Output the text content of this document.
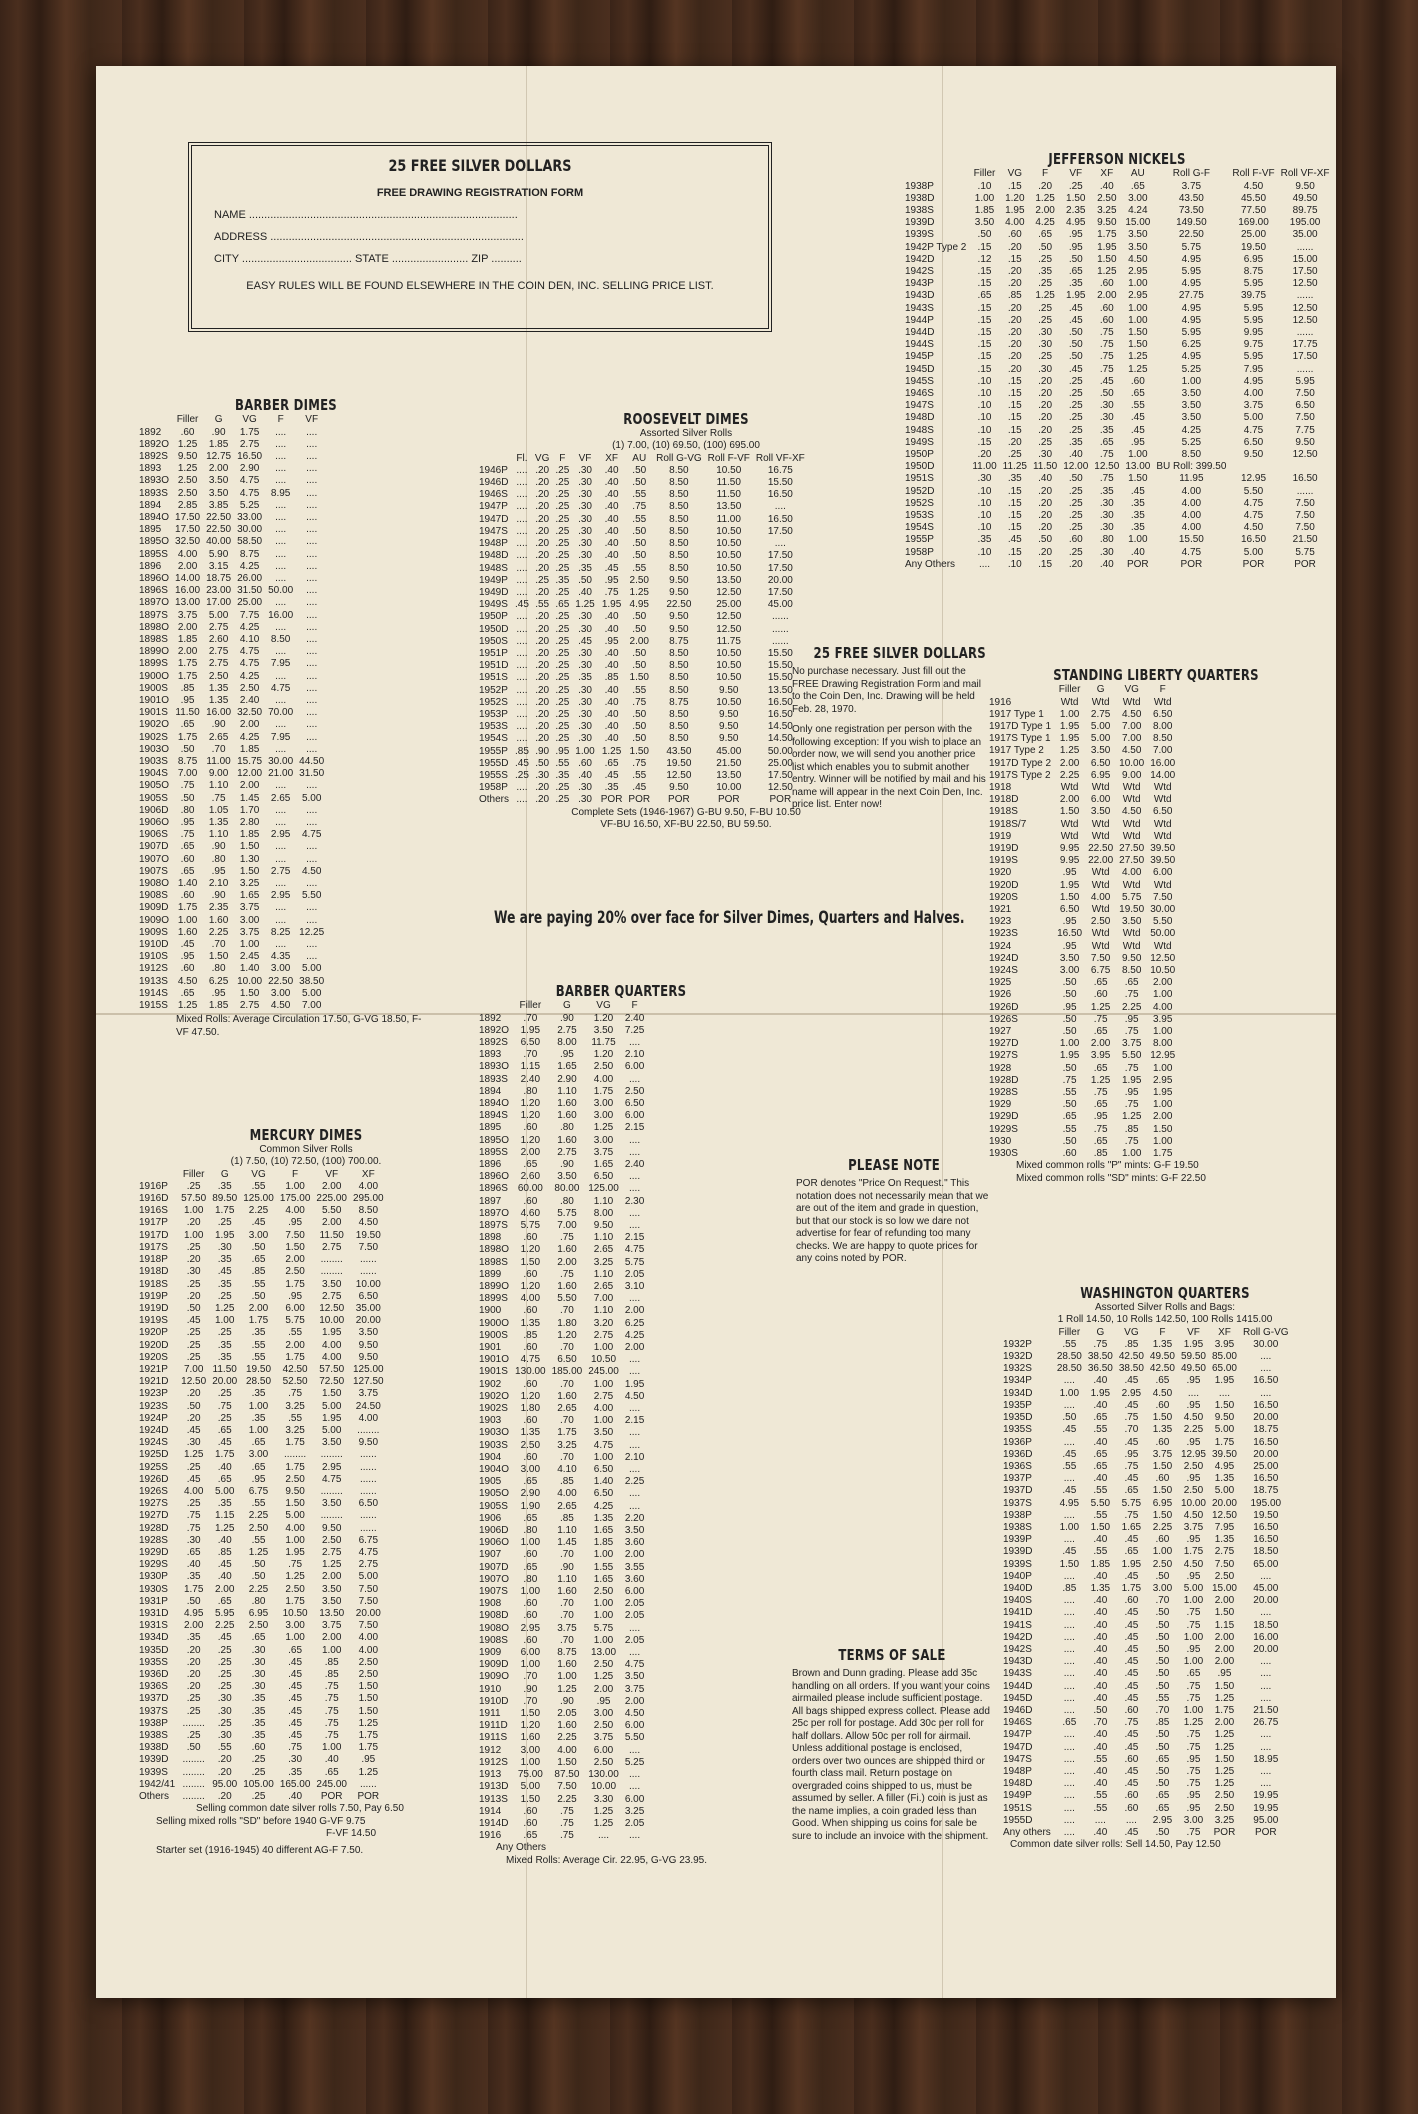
25 FREE SILVER DOLLARS
FREE DRAWING REGISTRATION FORM
NAME ........................................................................................
ADDRESS ...................................................................................
CITY .................................... STATE ......................... ZIP ..........
EASY RULES WILL BE FOUND ELSEWHERE IN THE COIN DEN, INC. SELLING PRICE LIST.
BARBER DIMES
	Filler	G	VG	F	VF
1892	.60	.90	1.75	....	....
1892O	1.25	1.85	2.75	....	....
1892S	9.50	12.75	16.50	....	....
1893	1.25	2.00	2.90	....	....
1893O	2.50	3.50	4.75	....	....
1893S	2.50	3.50	4.75	8.95	....
1894	2.85	3.85	5.25	....	....
1894O	17.50	22.50	33.00	....	....
1895	17.50	22.50	30.00	....	....
1895O	32.50	40.00	58.50	....	....
1895S	4.00	5.90	8.75	....	....
1896	2.00	3.15	4.25	....	....
1896O	14.00	18.75	26.00	....	....
1896S	16.00	23.00	31.50	50.00	....
1897O	13.00	17.00	25.00	....	....
1897S	3.75	5.00	7.75	16.00	....
1898O	2.00	2.75	4.25	....	....
1898S	1.85	2.60	4.10	8.50	....
1899O	2.00	2.75	4.75	....	....
1899S	1.75	2.75	4.75	7.95	....
1900O	1.75	2.50	4.25	....	....
1900S	.85	1.35	2.50	4.75	....
1901O	.95	1.35	2.40	....	....
1901S	11.50	16.00	32.50	70.00	....
1902O	.65	.90	2.00	....	....
1902S	1.75	2.65	4.25	7.95	....
1903O	.50	.70	1.85	....	....
1903S	8.75	11.00	15.75	30.00	44.50
1904S	7.00	9.00	12.00	21.00	31.50
1905O	.75	1.10	2.00	....	....
1905S	.50	.75	1.45	2.65	5.00
1906D	.80	1.05	1.70	....	....
1906O	.95	1.35	2.80	....	....
1906S	.75	1.10	1.85	2.95	4.75
1907D	.65	.90	1.50	....	....
1907O	.60	.80	1.30	....	....
1907S	.65	.95	1.50	2.75	4.50
1908O	1.40	2.10	3.25	....	....
1908S	.60	.90	1.65	2.95	5.50
1909D	1.75	2.35	3.75	....	....
1909O	1.00	1.60	3.00	....	....
1909S	1.60	2.25	3.75	8.25	12.25
1910D	.45	.70	1.00	....	....
1910S	.95	1.50	2.45	4.35	....
1912S	.60	.80	1.40	3.00	5.00
1913S	4.50	6.25	10.00	22.50	38.50
1914S	.65	.95	1.50	3.00	5.00
1915S	1.25	1.85	2.75	4.50	7.00
Mixed Rolls: Average Circulation 17.50, G-VG 18.50, F-VF 47.50.
MERCURY DIMES
Common Silver Rolls
(1) 7.50, (10) 72.50, (100) 700.00.
	Filler	G	VG	F	VF	XF
1916P	.25	.35	.55	1.00	2.00	4.00
1916D	57.50	89.50	125.00	175.00	225.00	295.00
1916S	1.00	1.75	2.25	4.00	5.50	8.50
1917P	.20	.25	.45	.95	2.00	4.50
1917D	1.00	1.95	3.00	7.50	11.50	19.50
1917S	.25	.30	.50	1.50	2.75	7.50
1918P	.20	.35	.65	2.00	........	......
1918D	.30	.45	.85	2.50	........	......
1918S	.25	.35	.55	1.75	3.50	10.00
1919P	.20	.25	.50	.95	2.75	6.50
1919D	.50	1.25	2.00	6.00	12.50	35.00
1919S	.45	1.00	1.75	5.75	10.00	20.00
1920P	.25	.25	.35	.55	1.95	3.50
1920D	.25	.35	.55	2.00	4.00	9.50
1920S	.25	.35	.55	1.75	4.00	9.50
1921P	7.00	11.50	19.50	42.50	57.50	125.00
1921D	12.50	20.00	28.50	52.50	72.50	127.50
1923P	.20	.25	.35	.75	1.50	3.75
1923S	.50	.75	1.00	3.25	5.00	24.50
1924P	.20	.25	.35	.55	1.95	4.00
1924D	.45	.65	1.00	3.25	5.00	........
1924S	.30	.45	.65	1.75	3.50	9.50
1925D	1.25	1.75	3.00	........	........	......
1925S	.25	.40	.65	1.75	2.95	......
1926D	.45	.65	.95	2.50	4.75	......
1926S	4.00	5.00	6.75	9.50	........	......
1927S	.25	.35	.55	1.50	3.50	6.50
1927D	.75	1.15	2.25	5.00	........	......
1928D	.75	1.25	2.50	4.00	9.50	......
1928S	.30	.40	.55	1.00	2.50	6.75
1929D	.65	.85	1.25	1.95	2.75	4.75
1929S	.40	.45	.50	.75	1.25	2.75
1930P	.35	.40	.50	1.25	2.00	5.00
1930S	1.75	2.00	2.25	2.50	3.50	7.50
1931P	.50	.65	.80	1.75	3.50	7.50
1931D	4.95	5.95	6.95	10.50	13.50	20.00
1931S	2.00	2.25	2.50	3.00	3.75	7.50
1934D	.35	.45	.65	1.00	2.00	4.00
1935D	.20	.25	.30	.65	1.00	4.00
1935S	.20	.25	.30	.45	.85	2.50
1936D	.20	.25	.30	.45	.85	2.50
1936S	.20	.25	.30	.45	.75	1.50
1937D	.25	.30	.35	.45	.75	1.50
1937S	.25	.30	.35	.45	.75	1.50
1938P	........	.25	.35	.45	.75	1.25
1938S	.25	.30	.35	.45	.75	1.75
1938D	.50	.55	.60	.75	1.00	1.75
1939D	........	.20	.25	.30	.40	.95
1939S	........	.20	.25	.35	.65	1.25
1942/41	........	95.00	105.00	165.00	245.00	......
Others	........	.20	.25	.40	POR	POR
Selling common date silver rolls 7.50, Pay 6.50
Selling mixed rolls "SD" before 1940 G-VF 9.75
F-VF 14.50
Starter set (1916-1945) 40 different AG-F 7.50.
ROOSEVELT DIMES
Assorted Silver Rolls
(1) 7.00, (10) 69.50, (100) 695.00
	Fl.	VG	F	VF	XF	AU	Roll G-VG	Roll F-VF	Roll VF-XF
1946P	....	.20	.25	.30	.40	.50	8.50	10.50	16.75
1946D	....	.20	.25	.30	.40	.50	8.50	11.50	15.50
1946S	....	.20	.25	.30	.40	.55	8.50	11.50	16.50
1947P	....	.20	.25	.30	.40	.75	8.50	13.50	....
1947D	....	.20	.25	.30	.40	.55	8.50	11.00	16.50
1947S	....	.20	.25	.30	.40	.50	8.50	10.50	17.50
1948P	....	.20	.25	.30	.40	.50	8.50	10.50	....
1948D	....	.20	.25	.30	.40	.50	8.50	10.50	17.50
1948S	....	.20	.25	.35	.45	.55	8.50	10.50	17.50
1949P	....	.25	.35	.50	.95	2.50	9.50	13.50	20.00
1949D	....	.20	.25	.40	.75	1.25	9.50	12.50	17.50
1949S	.45	.55	.65	1.25	1.95	4.95	22.50	25.00	45.00
1950P	....	.20	.25	.30	.40	.50	9.50	12.50	......
1950D	....	.20	.25	.30	.40	.50	9.50	12.50	......
1950S	....	.20	.25	.45	.95	2.00	8.75	11.75	......
1951P	....	.20	.25	.30	.40	.50	8.50	10.50	15.50
1951D	....	.20	.25	.30	.40	.50	8.50	10.50	15.50
1951S	....	.20	.25	.35	.85	1.50	8.50	10.50	15.50
1952P	....	.20	.25	.30	.40	.55	8.50	9.50	13.50
1952S	....	.20	.25	.30	.40	.75	8.75	10.50	16.50
1953P	....	.20	.25	.30	.40	.50	8.50	9.50	16.50
1953S	....	.20	.25	.30	.40	.50	8.50	9.50	14.50
1954S	....	.20	.25	.30	.40	.50	8.50	9.50	14.50
1955P	.85	.90	.95	1.00	1.25	1.50	43.50	45.00	50.00
1955D	.45	.50	.55	.60	.65	.75	19.50	21.50	25.00
1955S	.25	.30	.35	.40	.45	.55	12.50	13.50	17.50
1958P	....	.20	.25	.30	.35	.45	9.50	10.00	12.50
Others	....	.20	.25	.30	POR	POR	POR	POR	POR
Complete Sets (1946-1967) G-BU 9.50, F-BU 10.50
VF-BU 16.50, XF-BU 22.50, BU 59.50.
25 FREE SILVER DOLLARS
No purchase necessary. Just fill out the FREE Drawing Registration Form and mail to the Coin Den, Inc. Drawing will be held Feb. 28, 1970.
Only one registration per person with the following exception: If you wish to place an order now, we will send you another price list which enables you to submit another entry. Winner will be notified by mail and his name will appear in the next Coin Den, Inc. price list. Enter now!
We are paying 20% over face for Silver Dimes, Quarters and Halves.
JEFFERSON NICKELS
	Filler	VG	F	VF	XF	AU	Roll G-F	Roll F-VF	Roll VF-XF
1938P	.10	.15	.20	.25	.40	.65	3.75	4.50	9.50
1938D	1.00	1.20	1.25	1.50	2.50	3.00	43.50	45.50	49.50
1938S	1.85	1.95	2.00	2.35	3.25	4.24	73.50	77.50	89.75
1939D	3.50	4.00	4.25	4.95	9.50	15.00	149.50	169.00	195.00
1939S	.50	.60	.65	.95	1.75	3.50	22.50	25.00	35.00
1942P Type 2	.15	.20	.50	.95	1.95	3.50	5.75	19.50	......
1942D	.12	.15	.25	.50	1.50	4.50	4.95	6.95	15.00
1942S	.15	.20	.35	.65	1.25	2.95	5.95	8.75	17.50
1943P	.15	.20	.25	.35	.60	1.00	4.95	5.95	12.50
1943D	.65	.85	1.25	1.95	2.00	2.95	27.75	39.75	......
1943S	.15	.20	.25	.45	.60	1.00	4.95	5.95	12.50
1944P	.15	.20	.25	.45	.60	1.00	4.95	5.95	12.50
1944D	.15	.20	.30	.50	.75	1.50	5.95	9.95	......
1944S	.15	.20	.30	.50	.75	1.50	6.25	9.75	17.75
1945P	.15	.20	.25	.50	.75	1.25	4.95	5.95	17.50
1945D	.15	.20	.30	.45	.75	1.25	5.25	7.95	......
1945S	.10	.15	.20	.25	.45	.60	1.00	4.95	5.95
1946S	.10	.15	.20	.25	.50	.65	3.50	4.00	7.50
1947S	.10	.15	.20	.25	.30	.55	3.50	3.75	6.50
1948D	.10	.15	.20	.25	.30	.45	3.50	5.00	7.50
1948S	.10	.15	.20	.25	.35	.45	4.25	4.75	7.75
1949S	.15	.20	.25	.35	.65	.95	5.25	6.50	9.50
1950P	.20	.25	.30	.40	.75	1.00	8.50	9.50	12.50
1950D	11.00	11.25	11.50	12.00	12.50	13.00	BU Roll: 399.50		
1951S	.30	.35	.40	.50	.75	1.50	11.95	12.95	16.50
1952D	.10	.15	.20	.25	.35	.45	4.00	5.50	......
1952S	.10	.15	.20	.25	.30	.35	4.00	4.75	7.50
1953S	.10	.15	.20	.25	.30	.35	4.00	4.75	7.50
1954S	.10	.15	.20	.25	.30	.35	4.00	4.50	7.50
1955P	.35	.45	.50	.60	.80	1.00	15.50	16.50	21.50
1958P	.10	.15	.20	.25	.30	.40	4.75	5.00	5.75
Any Others	....	.10	.15	.20	.40	POR	POR	POR	POR
STANDING LIBERTY QUARTERS
	Filler	G	VG	F
1916	Wtd	Wtd	Wtd	Wtd
1917 Type 1	1.00	2.75	4.50	6.50
1917D Type 1	1.95	5.00	7.00	8.00
1917S Type 1	1.95	5.00	7.00	8.50
1917 Type 2	1.25	3.50	4.50	7.00
1917D Type 2	2.00	6.50	10.00	16.00
1917S Type 2	2.25	6.95	9.00	14.00
1918	Wtd	Wtd	Wtd	Wtd
1918D	2.00	6.00	Wtd	Wtd
1918S	1.50	3.50	4.50	6.50
1918S/7	Wtd	Wtd	Wtd	Wtd
1919	Wtd	Wtd	Wtd	Wtd
1919D	9.95	22.50	27.50	39.50
1919S	9.95	22.00	27.50	39.50
1920	.95	Wtd	4.00	6.00
1920D	1.95	Wtd	Wtd	Wtd
1920S	1.50	4.00	5.75	7.50
1921	6.50	Wtd	19.50	30.00
1923	.95	2.50	3.50	5.50
1923S	16.50	Wtd	Wtd	50.00
1924	.95	Wtd	Wtd	Wtd
1924D	3.50	7.50	9.50	12.50
1924S	3.00	6.75	8.50	10.50
1925	.50	.65	.65	2.00
1926	.50	.60	.75	1.00
1926D	.95	1.25	2.25	4.00
1926S	.50	.75	.95	3.95
1927	.50	.65	.75	1.00
1927D	1.00	2.00	3.75	8.00
1927S	1.95	3.95	5.50	12.95
1928	.50	.65	.75	1.00
1928D	.75	1.25	1.95	2.95
1928S	.55	.75	.95	1.95
1929	.50	.65	.75	1.00
1929D	.65	.95	1.25	2.00
1929S	.55	.75	.85	1.50
1930	.50	.65	.75	1.00
1930S	.60	.85	1.00	1.75
Mixed common rolls "P" mints: G-F 19.50
Mixed common rolls "SD" mints: G-F 22.50
BARBER QUARTERS
	Filler	G	VG	F
1892	.70	.90	1.20	2.40
1892O	1.95	2.75	3.50	7.25
1892S	6.50	8.00	11.75	....
1893	.70	.95	1.20	2.10
1893O	1.15	1.65	2.50	6.00
1893S	2.40	2.90	4.00	....
1894	.80	1.10	1.75	2.50
1894O	1.20	1.60	3.00	6.50
1894S	1.20	1.60	3.00	6.00
1895	.60	.80	1.25	2.15
1895O	1.20	1.60	3.00	....
1895S	2.00	2.75	3.75	....
1896	.65	.90	1.65	2.40
1896O	2.60	3.50	6.50	....
1896S	60.00	80.00	125.00	....
1897	.60	.80	1.10	2.30
1897O	4.60	5.75	8.00	....
1897S	5.75	7.00	9.50	....
1898	.60	.75	1.10	2.15
1898O	1.20	1.60	2.65	4.75
1898S	1.50	2.00	3.25	5.75
1899	.60	.75	1.10	2.05
1899O	1.20	1.60	2.65	3.10
1899S	4.00	5.50	7.00	....
1900	.60	.70	1.10	2.00
1900O	1.35	1.80	3.20	6.25
1900S	.85	1.20	2.75	4.25
1901	.60	.70	1.00	2.00
1901O	4.75	6.50	10.50	....
1901S	130.00	185.00	245.00	....
1902	.60	.70	1.00	1.95
1902O	1.20	1.60	2.75	4.50
1902S	1.80	2.65	4.00	....
1903	.60	.70	1.00	2.15
1903O	1.35	1.75	3.50	....
1903S	2.50	3.25	4.75	....
1904	.60	.70	1.00	2.10
1904O	3.00	4.10	6.50	....
1905	.65	.85	1.40	2.25
1905O	2.90	4.00	6.50	....
1905S	1.90	2.65	4.25	....
1906	.65	.85	1.35	2.20
1906D	.80	1.10	1.65	3.50
1906O	1.00	1.45	1.85	3.60
1907	.60	.70	1.00	2.00
1907D	.65	.90	1.55	3.55
1907O	.80	1.10	1.65	3.60
1907S	1.00	1.60	2.50	6.00
1908	.60	.70	1.00	2.05
1908D	.60	.70	1.00	2.05
1908O	2.95	3.75	5.75	....
1908S	.60	.70	1.00	2.05
1909	6.00	8.75	13.00	....
1909D	1.00	1.60	2.50	4.75
1909O	.70	1.00	1.25	3.50
1910	.90	1.25	2.00	3.75
1910D	.70	.90	.95	2.00
1911	1.50	2.05	3.00	4.50
1911D	1.20	1.60	2.50	6.00
1911S	1.60	2.25	3.75	5.50
1912	3.00	4.00	6.00	....
1912S	1.00	1.50	2.50	5.25
1913	75.00	87.50	130.00	....
1913D	5.00	7.50	10.00	....
1913S	1.50	2.25	3.30	6.00
1914	.60	.75	1.25	3.25
1914D	.60	.75	1.25	2.05
1916	.65	.75	....	....
Any Others
Mixed Rolls: Average Cir. 22.95, G-VG 23.95.
PLEASE NOTE
POR denotes "Price On Request." This notation does not necessarily mean that we are out of the item and grade in question, but that our stock is so low we dare not advertise for fear of refunding too many checks. We are happy to quote prices for any coins noted by POR.
TERMS OF SALE
Brown and Dunn grading. Please add 35c handling on all orders. If you want your coins airmailed please include sufficient postage. All bags shipped express collect. Please add 25c per roll for postage. Add 30c per roll for half dollars. Allow 50c per roll for airmail. Unless additional postage is enclosed, orders over two ounces are shipped third or fourth class mail. Return postage on overgraded coins shipped to us, must be assumed by seller. A filler (Fi.) coin is just as the name implies, a coin graded less than Good. When shipping us coins for sale be sure to include an invoice with the shipment.
WASHINGTON QUARTERS
Assorted Silver Rolls and Bags:
1 Roll 14.50, 10 Rolls 142.50, 100 Rolls 1415.00
	Filler	G	VG	F	VF	XF	Roll G-VG
1932P	.55	.75	.85	1.35	1.95	3.95	30.00
1932D	28.50	38.50	42.50	49.50	59.50	85.00	....
1932S	28.50	36.50	38.50	42.50	49.50	65.00	....
1934P	....	.40	.45	.65	.95	1.95	16.50
1934D	1.00	1.95	2.95	4.50	....	....	....
1935P	....	.40	.45	.60	.95	1.50	16.50
1935D	.50	.65	.75	1.50	4.50	9.50	20.00
1935S	.45	.55	.70	1.35	2.25	5.00	18.75
1936P	....	.40	.45	.60	.95	1.75	16.50
1936D	.45	.65	.95	3.75	12.95	39.50	20.00
1936S	.55	.65	.75	1.50	2.50	4.95	25.00
1937P	....	.40	.45	.60	.95	1.35	16.50
1937D	.45	.55	.65	1.50	2.50	5.00	18.75
1937S	4.95	5.50	5.75	6.95	10.00	20.00	195.00
1938P	....	.55	.75	1.50	4.50	12.50	19.50
1938S	1.00	1.50	1.65	2.25	3.75	7.95	16.50
1939P	....	.40	.45	.60	.95	1.35	16.50
1939D	.45	.55	.65	1.00	1.75	2.75	18.50
1939S	1.50	1.85	1.95	2.50	4.50	7.50	65.00
1940P	....	.40	.45	.50	.95	2.50	....
1940D	.85	1.35	1.75	3.00	5.00	15.00	45.00
1940S	....	.40	.60	.70	1.00	2.00	20.00
1941D	....	.40	.45	.50	.75	1.50	....
1941S	....	.40	.45	.50	.75	1.15	18.50
1942D	....	.40	.45	.50	1.00	2.00	16.00
1942S	....	.40	.45	.50	.95	2.00	20.00
1943D	....	.40	.45	.50	1.00	2.00	....
1943S	....	.40	.45	.50	.65	.95	....
1944D	....	.40	.45	.50	.75	1.50	....
1945D	....	.40	.45	.55	.75	1.25	....
1946D	....	.50	.60	.70	1.00	1.75	21.50
1946S	.65	.70	.75	.85	1.25	2.00	26.75
1947P	....	.40	.45	.50	.75	1.25	....
1947D	....	.40	.45	.50	.75	1.25	....
1947S	....	.55	.60	.65	.95	1.50	18.95
1948P	....	.40	.45	.50	.75	1.25	....
1948D	....	.40	.45	.50	.75	1.25	....
1949P	....	.55	.60	.65	.95	2.50	19.95
1951S	....	.55	.60	.65	.95	2.50	19.95
1955D	....	....	....	2.95	3.00	3.25	95.00
Any others	....	.40	.45	.50	.75	POR	POR
Common date silver rolls: Sell 14.50, Pay 12.50
